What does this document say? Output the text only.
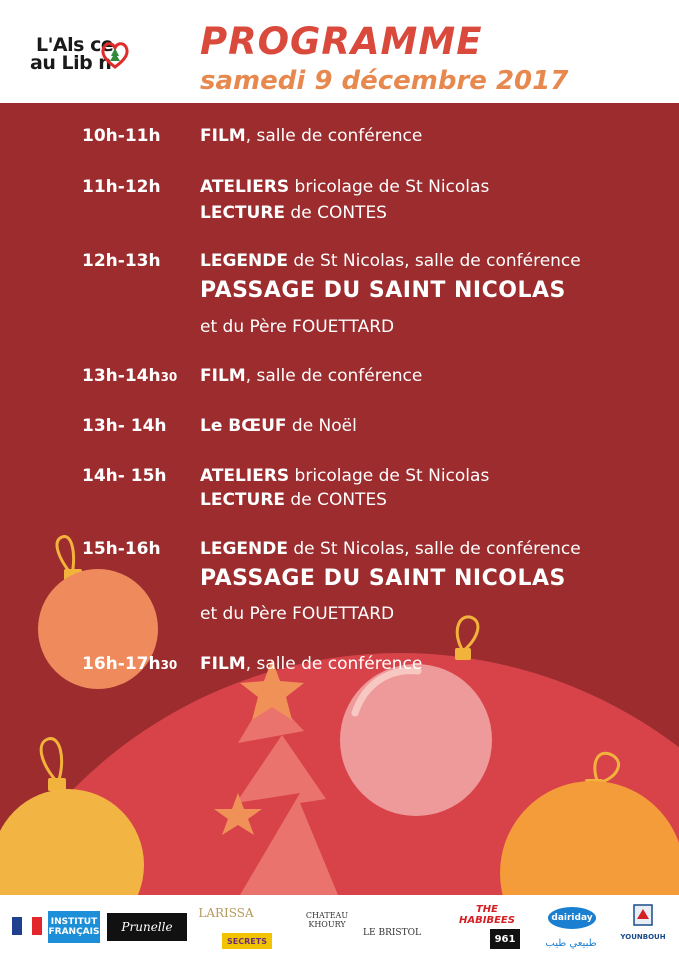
L'Als ce
au Lib n PROGRAMME
samedi 9 décembre 2017
10h-11h FILM, salle de conférence
11h-12h ATELIERS bricolage de St Nicolas
LECTURE de CONTES
12h-13h LEGENDE de St Nicolas, salle de conférence
PASSAGE DU SAINT NICOLAS
et du Père FOUETTARD
13h-14h30 FILM, salle de conférence
13h- 14h Le BŒUF de Noël
14h- 15h ATELIERS bricolage de St Nicolas
LECTURE de CONTES
15h-16h LEGENDE de St Nicolas, salle de conférence
PASSAGE DU SAINT NICOLAS
et du Père FOUETTARD
16h-17h30 FILM, salle de conférence
INSTITUT FRANÇAIS	Prunelle
LARISSA
SECRETS
CHATEAU KHOURY
LE BRISTOL
THE HABIBEES
961
dairiday
طبيعي طيب
YOUNBOUH
